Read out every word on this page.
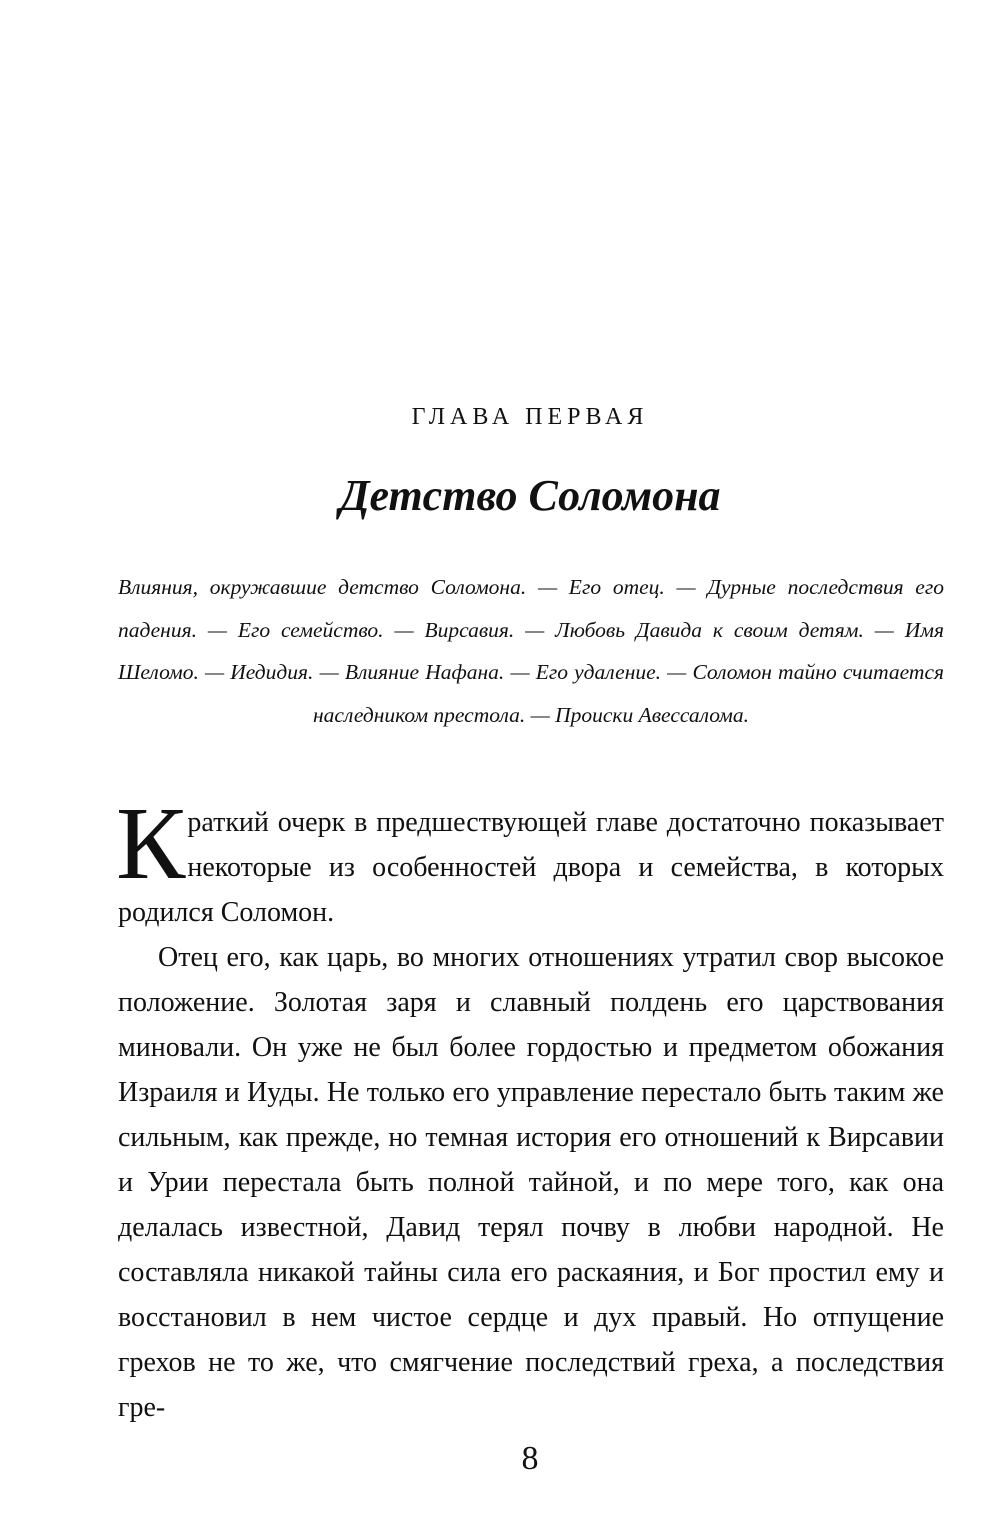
ГЛАВА ПЕРВАЯ
Детство Соломона
Влияния, окружавшие детство Соломона. — Его отец. — Дурные последствия его падения. — Его семейство. — Вирсавия. — Любовь Давида к своим детям. — Имя Шеломо. — Иедидия. — Влияние Нафана. — Его удаление. — Соломон тайно считается наследником престола. — Происки Авессалома.

Краткий очерк в предшествующей главе достаточно показывает некоторые из особенностей двора и семейства, в которых родился Соломон.

Отец его, как царь, во многих отношениях утратил свор высокое положение. Золотая заря и славный полдень его царствования миновали. Он уже не был более гордостью и предметом обожания Израиля и Иуды. Не только его управление перестало быть таким же сильным, как прежде, но темная история его отношений к Вирсавии и Урии перестала быть полной тайной, и по мере того, как она делалась известной, Давид терял почву в любви народной. Не составляла никакой тайны сила его раскаяния, и Бог простил ему и восстановил в нем чистое сердце и дух правый. Но отпущение грехов не то же, что смягчение последствий греха, а последствия гре-

8
